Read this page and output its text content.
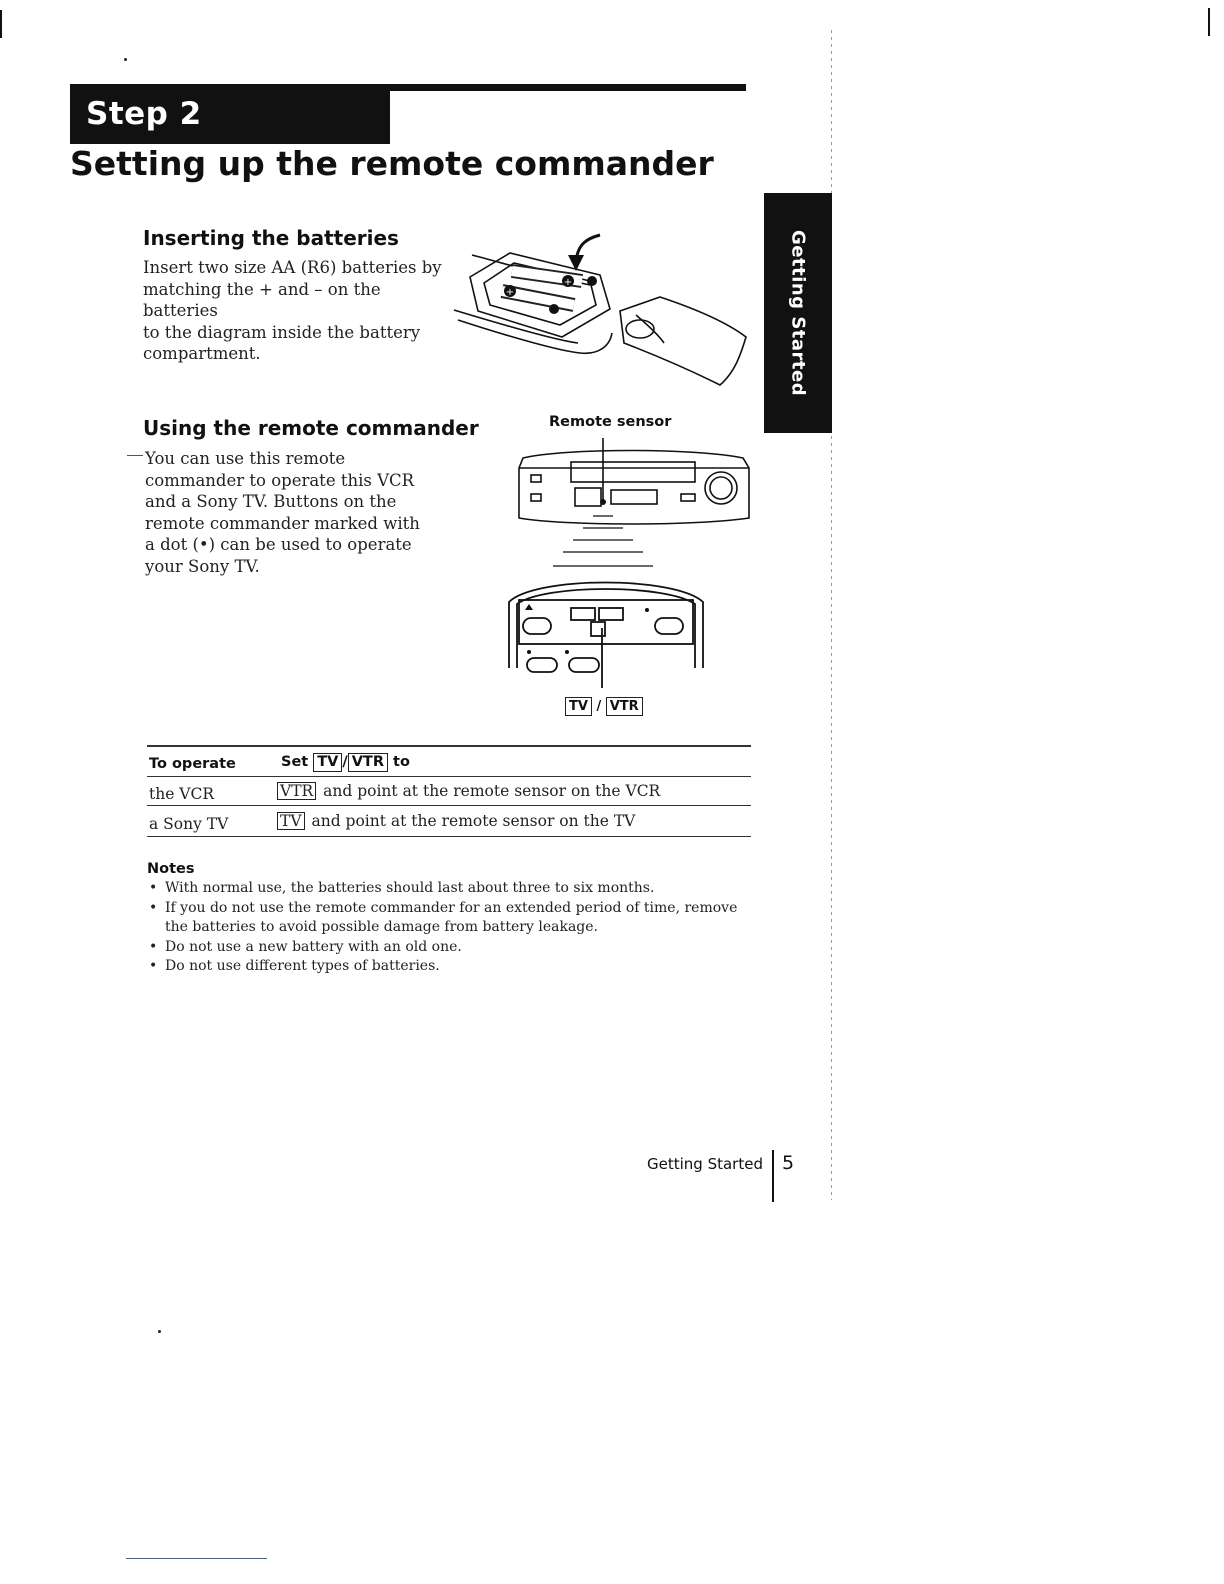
Step 2
Setting up the remote commander
Getting Started
Inserting the batteries
Insert two size AA (R6) batteries by
matching the + and – on the batteries
to the diagram inside the battery
compartment.
+
+
Using the remote commander
You can use this remote
commander to operate this VCR
and a Sony TV. Buttons on the
remote commander marked with
a dot (•) can be used to operate
your Sony TV.
Remote sensor
TV / VTR
To operate	Set TV / VTR to
the VCR	VTR and point at the remote sensor on the VCR
a Sony TV	TV and point at the remote sensor on the TV
Notes
• With normal use, the batteries should last about three to six months.
• If you do not use the remote commander for an extended period of time, remove the batteries to avoid possible damage from battery leakage.
• Do not use a new battery with an old one.
• Do not use different types of batteries.
Getting Started 5
